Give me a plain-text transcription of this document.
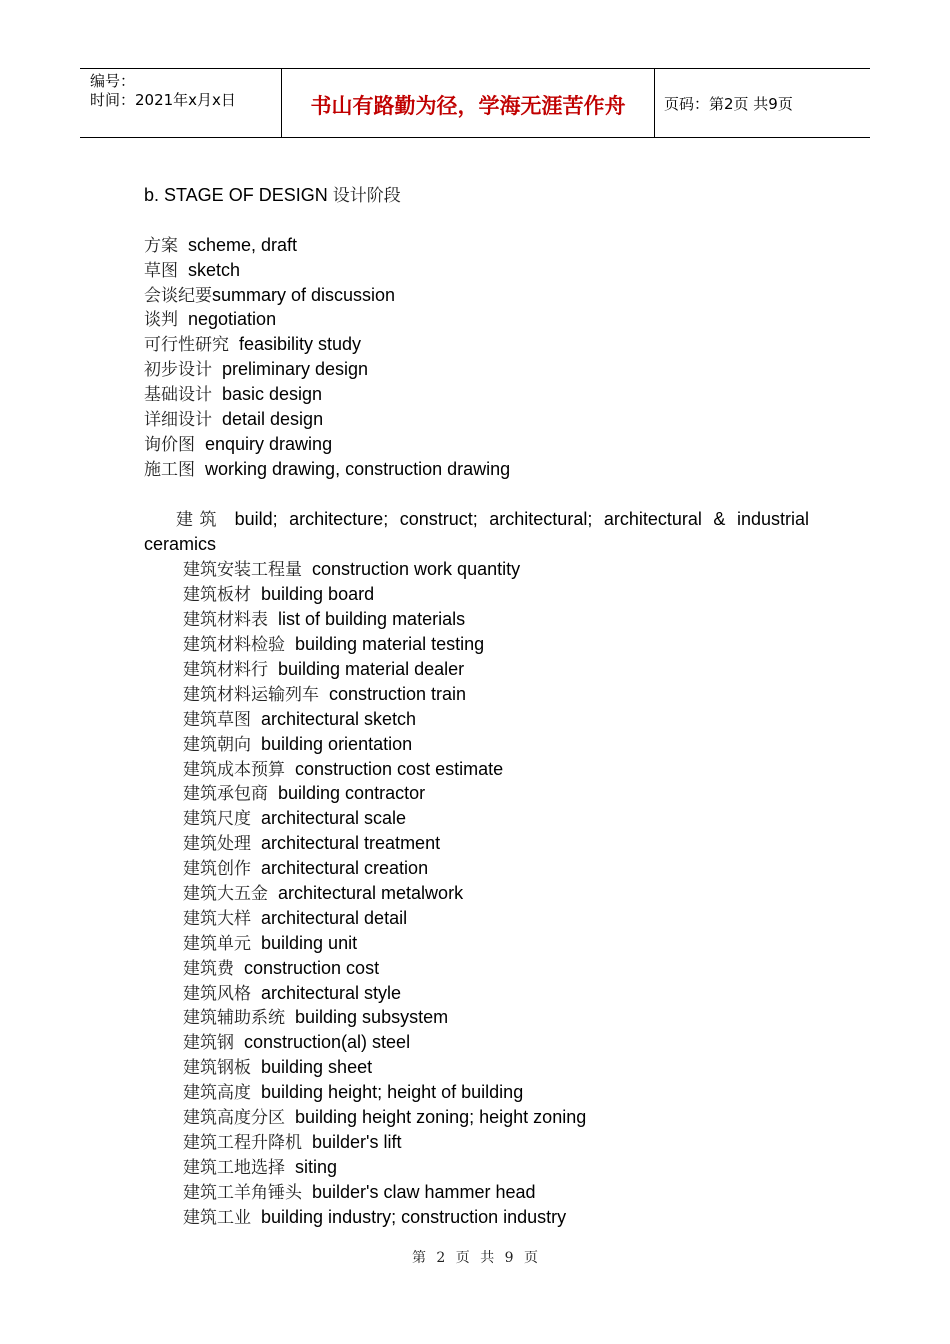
编号：
时间：2021年x月x日	书山有路勤为径，学海无涯苦作舟	页码：第2页 共9页
b. STAGE OF DESIGN 设计阶段
方案  scheme, draft
草图  sketch
会谈纪要summary of discussion
谈判  negotiation
可行性研究  feasibility study
初步设计  preliminary design
基础设计  basic design
详细设计  detail design
询价图  enquiry drawing
施工图  working drawing, construction drawing
建筑 build; architecture; construct; architectural; architectural & industrial ceramics
建筑安装工程量  construction work quantity
建筑板材  building board
建筑材料表  list of building materials
建筑材料检验  building material testing
建筑材料行  building material dealer
建筑材料运输列车  construction train
建筑草图  architectural sketch
建筑朝向  building orientation
建筑成本预算  construction cost estimate
建筑承包商  building contractor
建筑尺度  architectural scale
建筑处理  architectural treatment
建筑创作  architectural creation
建筑大五金  architectural metalwork
建筑大样  architectural detail
建筑单元  building unit
建筑费  construction cost
建筑风格  architectural style
建筑辅助系统  building subsystem
建筑钢  construction(al) steel
建筑钢板  building sheet
建筑高度  building height; height of building
建筑高度分区  building height zoning; height zoning
建筑工程升降机  builder's lift
建筑工地选择  siting
建筑工羊角锤头  builder's claw hammer head
建筑工业  building industry; construction industry
第 2 页 共 9 页
